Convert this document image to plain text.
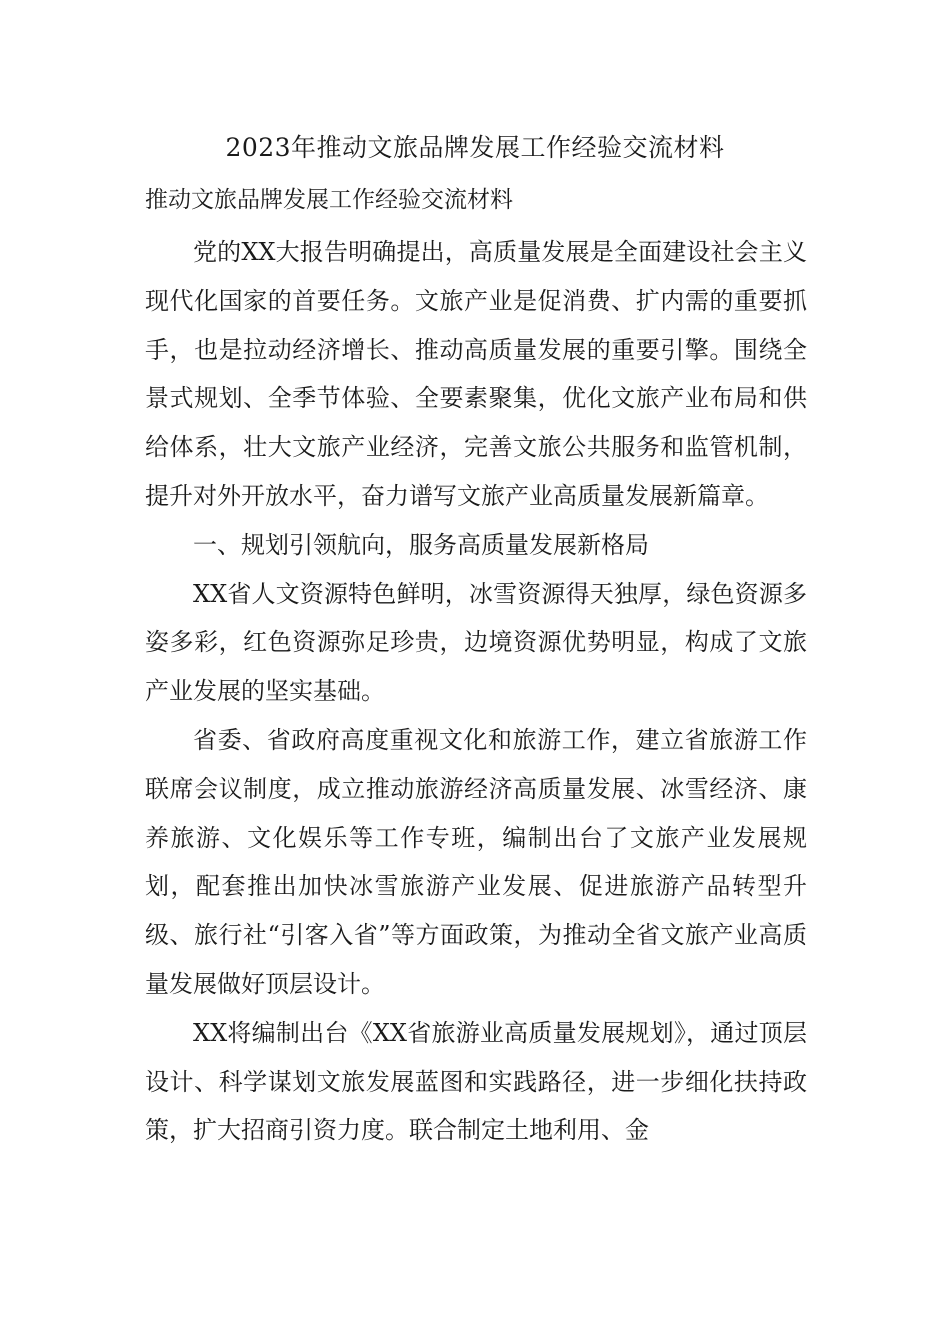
2023年推动文旅品牌发展工作经验交流材料
推动文旅品牌发展工作经验交流材料

党的XX大报告明确提出，高质量发展是全面建设社会主义现代化国家的首要任务。文旅产业是促消费、扩内需的重要抓手，也是拉动经济增长、推动高质量发展的重要引擎。围绕全景式规划、全季节体验、全要素聚集，优化文旅产业布局和供给体系，壮大文旅产业经济，完善文旅公共服务和监管机制，提升对外开放水平，奋力谱写文旅产业高质量发展新篇章。

一、规划引领航向，服务高质量发展新格局

XX省人文资源特色鲜明，冰雪资源得天独厚，绿色资源多姿多彩，红色资源弥足珍贵，边境资源优势明显，构成了文旅产业发展的坚实基础。

省委、省政府高度重视文化和旅游工作，建立省旅游工作联席会议制度，成立推动旅游经济高质量发展、冰雪经济、康养旅游、文化娱乐等工作专班，编制出台了文旅产业发展规划，配套推出加快冰雪旅游产业发展、促进旅游产品转型升级、旅行社“引客入省”等方面政策，为推动全省文旅产业高质量发展做好顶层设计。

XX将编制出台《XX省旅游业高质量发展规划》，通过顶层设计、科学谋划文旅发展蓝图和实践路径，进一步细化扶持政策，扩大招商引资力度。联合制定土地利用、金
